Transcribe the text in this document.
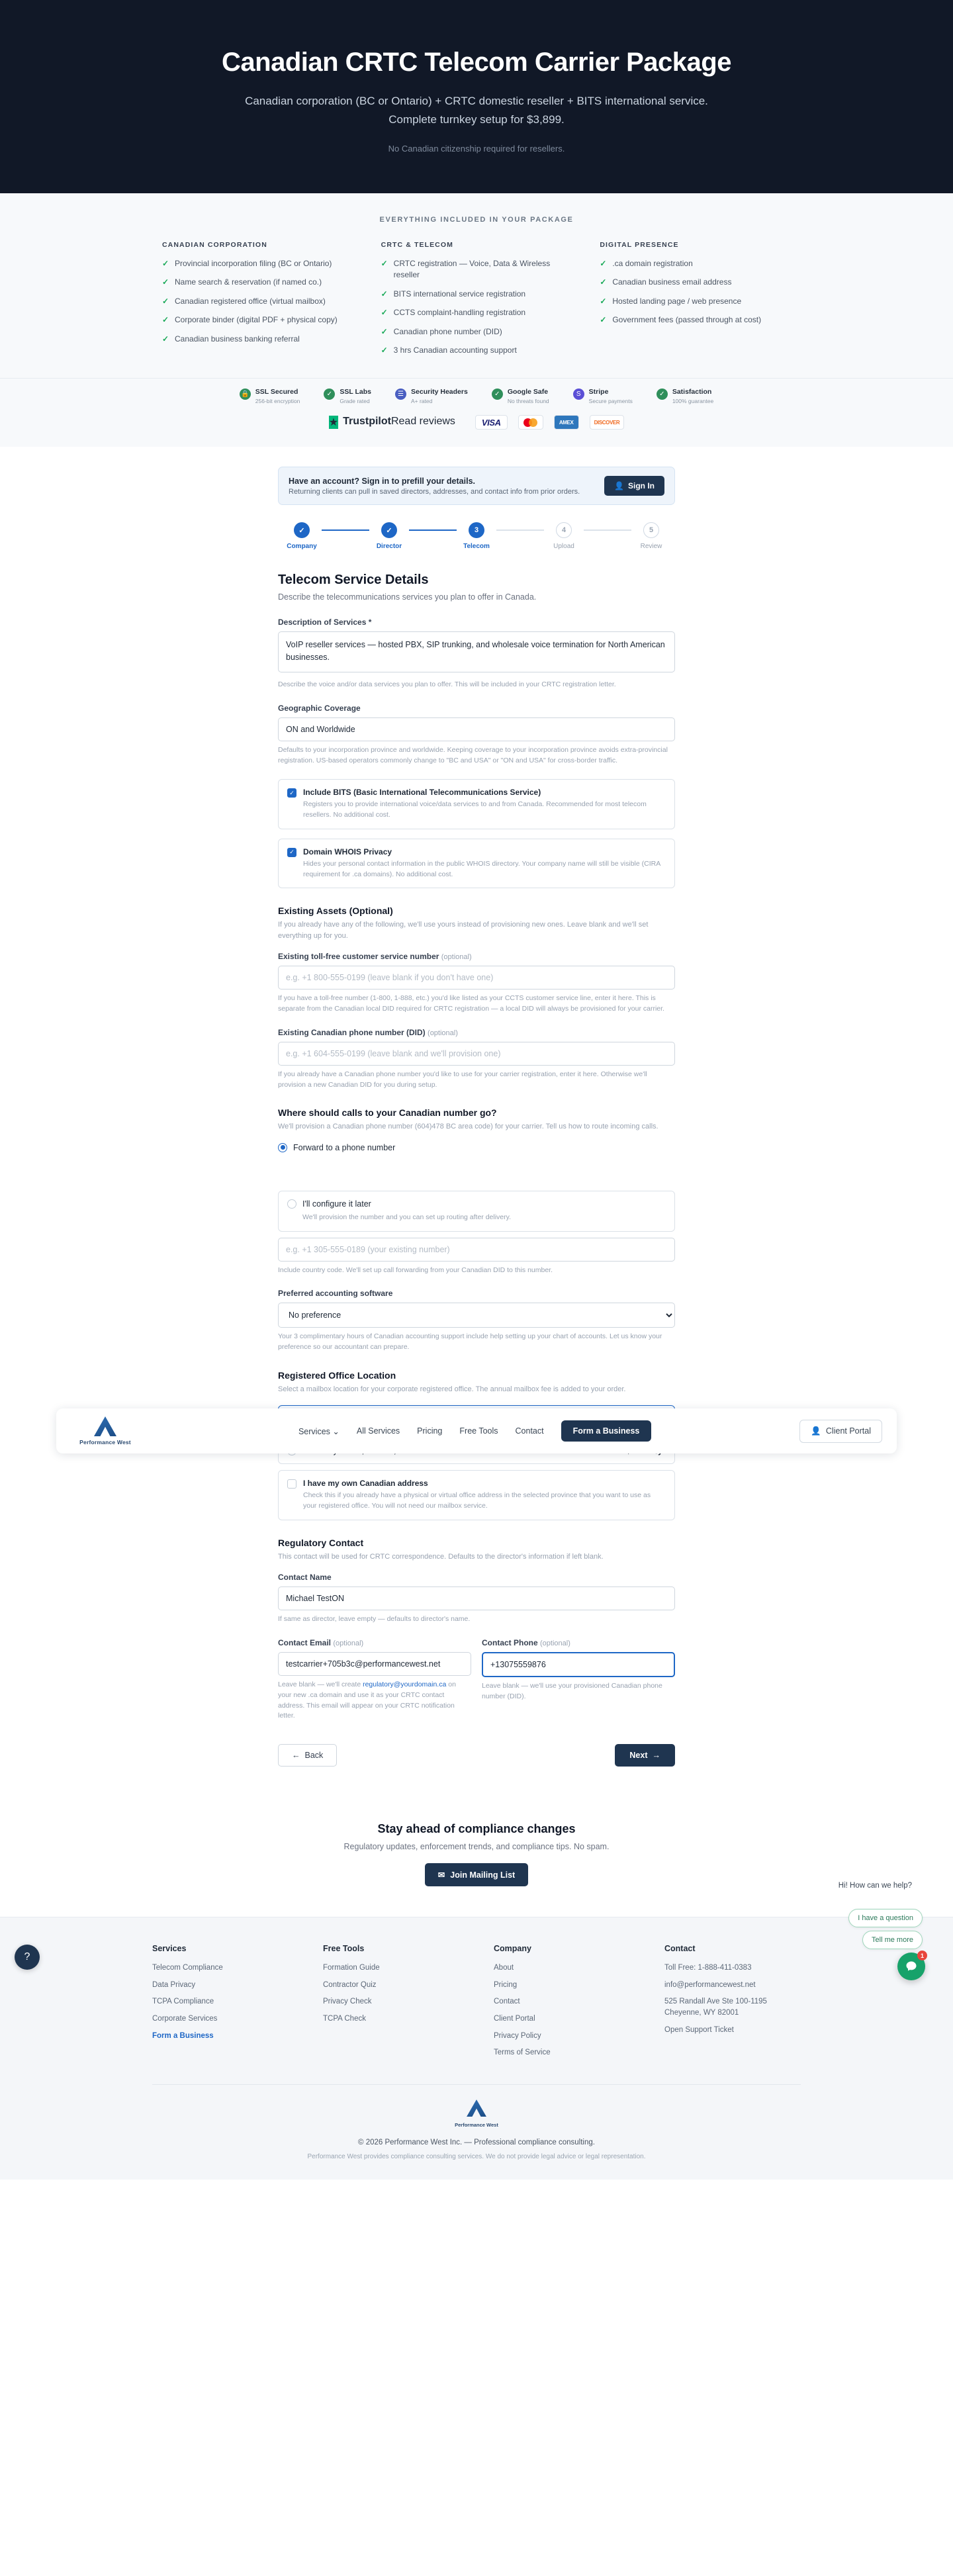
Canadian CRTC Telecom Carrier Package
Canadian corporation (BC or Ontario) + CRTC domestic reseller + BITS international service. Complete turnkey setup for $3,899.
No Canadian citizenship required for resellers.
EVERYTHING INCLUDED IN YOUR PACKAGE
CANADIAN CORPORATION
✓ Provincial incorporation filing (BC or Ontario)
✓ Name search & reservation (if named co.)
✓ Canadian registered office (virtual mailbox)
✓ Corporate binder (digital PDF + physical copy)
✓ Canadian business banking referral
CRTC & TELECOM
✓ CRTC registration — Voice, Data & Wireless reseller
✓ BITS international service registration
✓ CCTS complaint-handling registration
✓ Canadian phone number (DID)
✓ 3 hrs Canadian accounting support
DIGITAL PRESENCE
✓ .ca domain registration
✓ Canadian business email address
✓ Hosted landing page / web presence
✓ Government fees (passed through at cost)
🔒 SSL Secured
256-bit encryption
✓	SSL Labs
Grade rated
☰	Security Headers
A+ rated
✓	Google Safe
No threats found
S	Stripe
Secure payments
✓	Satisfaction
100% guarantee
★ TrustpilotRead reviews	VISA	AMEX	DISCOVER
Have an account? Sign in to prefill your details.
Returning clients can pull in saved directors, addresses, and contact info from prior orders.
👤 Sign In
✓
Company
✓
Director
3
Telecom
4
Upload
5
Review
Telecom Service Details

Describe the telecommunications services you plan to offer in Canada.

Description of Services *
VoIP reseller services — hosted PBX, SIP trunking, and wholesale voice termination for North American businesses.
Describe the voice and/or data services you plan to offer. This will be included in your CRTC registration letter.
Geographic Coverage
ON and Worldwide
Defaults to your incorporation province and worldwide. Keeping coverage to your incorporation province avoids extra-provincial registration. US-based operators commonly change to "BC and USA" or "ON and USA" for cross-border traffic.
✓ Include BITS (Basic International Telecommunications Service)
Registers you to provide international voice/data services to and from Canada. Recommended for most telecom resellers. No additional cost.
✓ Domain WHOIS Privacy
Hides your personal contact information in the public WHOIS directory. Your company name will still be visible (CIRA requirement for .ca domains). No additional cost.
Existing Assets (Optional)
If you already have any of the following, we'll use yours instead of provisioning new ones. Leave blank and we'll set everything up for you.
Existing toll-free customer service number (optional)
e.g. +1 800-555-0199 (leave blank if you don't have one)
If you have a toll-free number (1-800, 1-888, etc.) you'd like listed as your CCTS customer service line, enter it here. This is separate from the Canadian local DID required for CRTC registration — a local DID will always be provisioned for your carrier.
Existing Canadian phone number (DID) (optional)
e.g. +1 604-555-0199 (leave blank and we'll provision one)
If you already have a Canadian phone number you'd like to use for your carrier registration, enter it here. Otherwise we'll provision a new Canadian DID for you during setup.
Where should calls to your Canadian number go?
We'll provision a Canadian phone number (604)478 BC area code) for your carrier. Tell us how to route incoming calls.
Forward to a phone number
I'll configure it later
We'll provision the number and you can set up routing after delivery.
e.g. +1 305-555-0189 (your existing number)
Include country code. We'll set up call forwarding from your Canadian DID to this number.
Preferred accounting software
No preference
Your 3 complimentary hours of Canadian accounting support include help setting up your chart of accounts. Let us know your preference so our accountant can prepare.
Registered Office Location
Select a mailbox location for your corporate registered office. The annual mailbox fee is added to your order.
I have my own Canadian address
Check this if you already have a physical or virtual office address in the selected province that you want to use as your registered office. You will not need our mailbox service.
Regulatory Contact
This contact will be used for CRTC correspondence. Defaults to the director's information if left blank.
Contact Name
Michael TestON
If same as director, leave empty — defaults to director's name.
Contact Email (optional)
testcarrier+705b3c@performancewest.net
Leave blank — we'll create regulatory@yourdomain.ca on your new .ca domain and use it as your CRTC contact address. This email will appear on your CRTC notification letter.
Contact Phone (optional)
+13075559876
Leave blank — we'll use your provisioned Canadian phone number (DID).
← Back	Next →
Performance West
Services ⌄ All Services Pricing Free Tools Contact	Form a Business	👤 Client Portal
Hi! How can we help?
I have a question
Tell me more
1
?
Stay ahead of compliance changes

Regulatory updates, enforcement trends, and compliance tips. No spam.

✉ Join Mailing List
Services
Telecom Compliance
Data Privacy
TCPA Compliance
Corporate Services
Form a Business
Free Tools
Formation Guide
Contractor Quiz
Privacy Check
TCPA Check
Company
About
Pricing
Contact
Client Portal
Privacy Policy
Terms of Service
Contact
Toll Free: 1-888-411-0383
info@performancewest.net
525 Randall Ave Ste 100-1195 Cheyenne, WY 82001
Open Support Ticket
Performance West
© 2026 Performance West Inc. — Professional compliance consulting.
Performance West provides compliance consulting services. We do not provide legal advice or legal representation.
